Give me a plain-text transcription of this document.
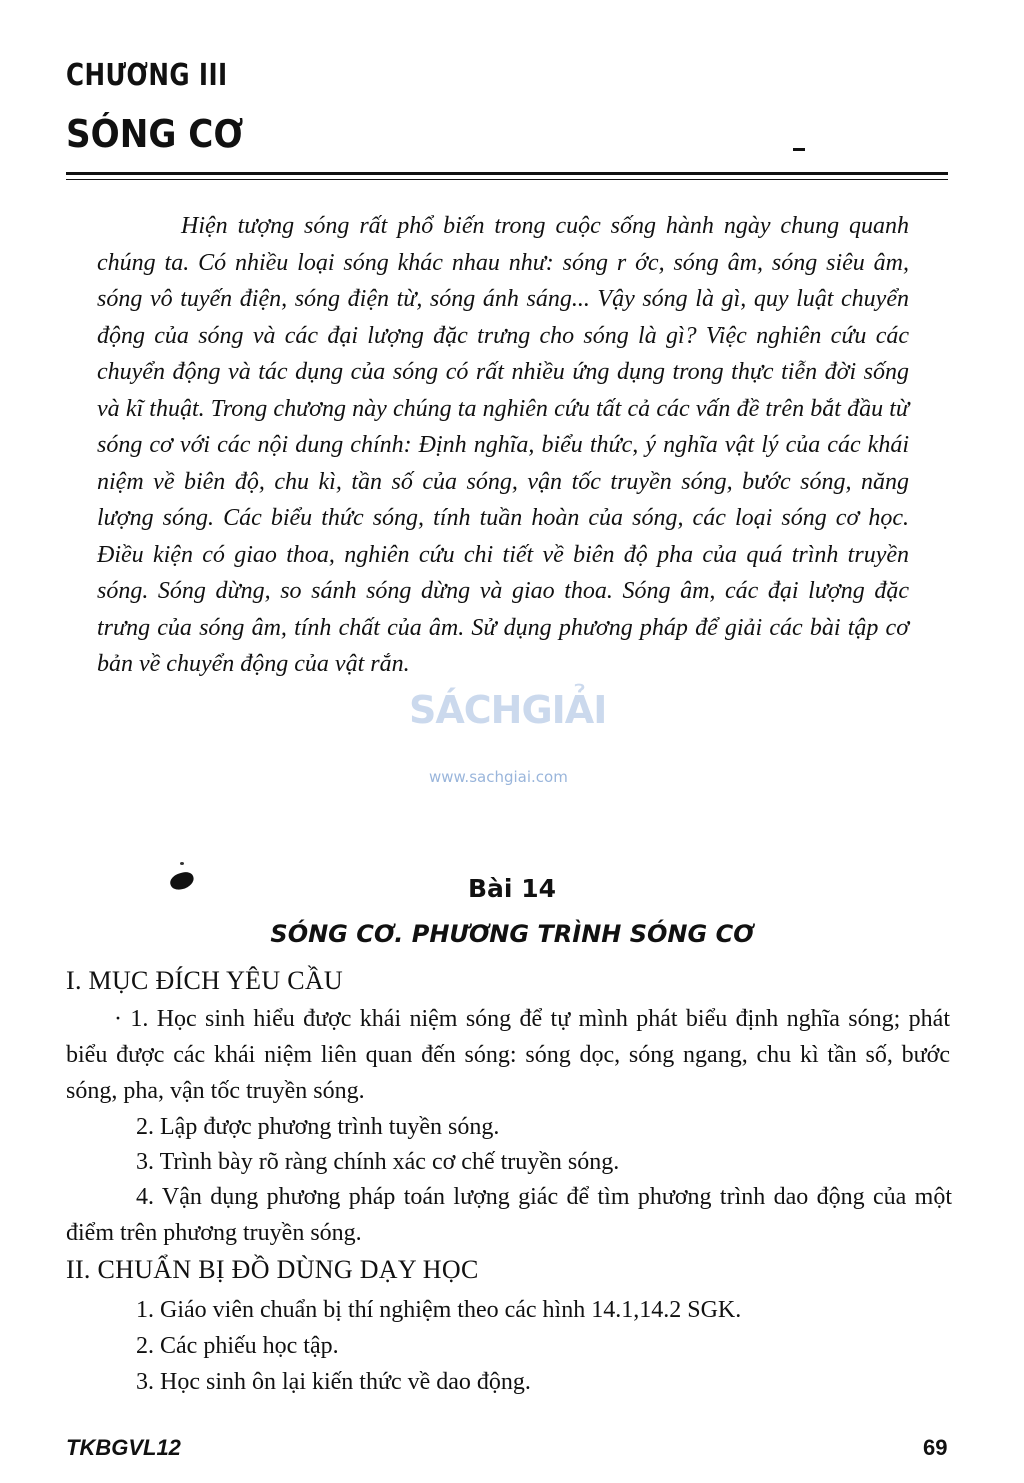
CHƯƠNG III
SÓNG CƠ

Hiện tượng sóng rất phổ biến trong cuộc sống hành ngày chung quanh chúng ta. Có nhiều loại sóng khác nhau như: sóng r ớc, sóng âm, sóng siêu âm, sóng vô tuyến điện, sóng điện từ, sóng ánh sáng... Vậy sóng là gì, quy luật chuyển động của sóng và các đại lượng đặc trưng cho sóng là gì? Việc nghiên cứu các chuyển động và tác dụng của sóng có rất nhiều ứng dụng trong thực tiễn đời sống và kĩ thuật. Trong chương này chúng ta nghiên cứu tất cả các vấn đề trên bắt đầu từ sóng cơ với các nội dung chính: Định nghĩa, biểu thức, ý nghĩa vật lý của các khái niệm về biên độ, chu kì, tần số của sóng, vận tốc truyền sóng, bước sóng, năng lượng sóng. Các biểu thức sóng, tính tuần hoàn của sóng, các loại sóng cơ học. Điều kiện có giao thoa, nghiên cứu chi tiết về biên độ pha của quá trình truyền sóng. Sóng dừng, so sánh sóng dừng và giao thoa. Sóng âm, các đại lượng đặc trưng của sóng âm, tính chất của âm. Sử dụng phương pháp để giải các bài tập cơ bản về chuyển động của vật rắn.

SÁCHGIẢI
www.sachgiai.com
Bài 14
SÓNG CƠ. PHƯƠNG TRÌNH SÓNG CƠ
I. MỤC ĐÍCH YÊU CẦU

· 1. Học sinh hiểu được khái niệm sóng để tự mình phát biểu định nghĩa sóng; phát biểu được các khái niệm liên quan đến sóng: sóng dọc, sóng ngang, chu kì tần số, bước sóng, pha, vận tốc truyền sóng.

2. Lập được phương trình tuyền sóng.

3. Trình bày rõ ràng chính xác cơ chế truyền sóng.

4. Vận dụng phương pháp toán lượng giác để tìm phương trình dao động của một điểm trên phương truyền sóng.

II. CHUẨN BỊ ĐỒ DÙNG DẠY HỌC

1. Giáo viên chuẩn bị thí nghiệm theo các hình 14.1,14.2 SGK.

2. Các phiếu học tập.

3. Học sinh ôn lại kiến thức về dao động.

TKBGVL12	69
